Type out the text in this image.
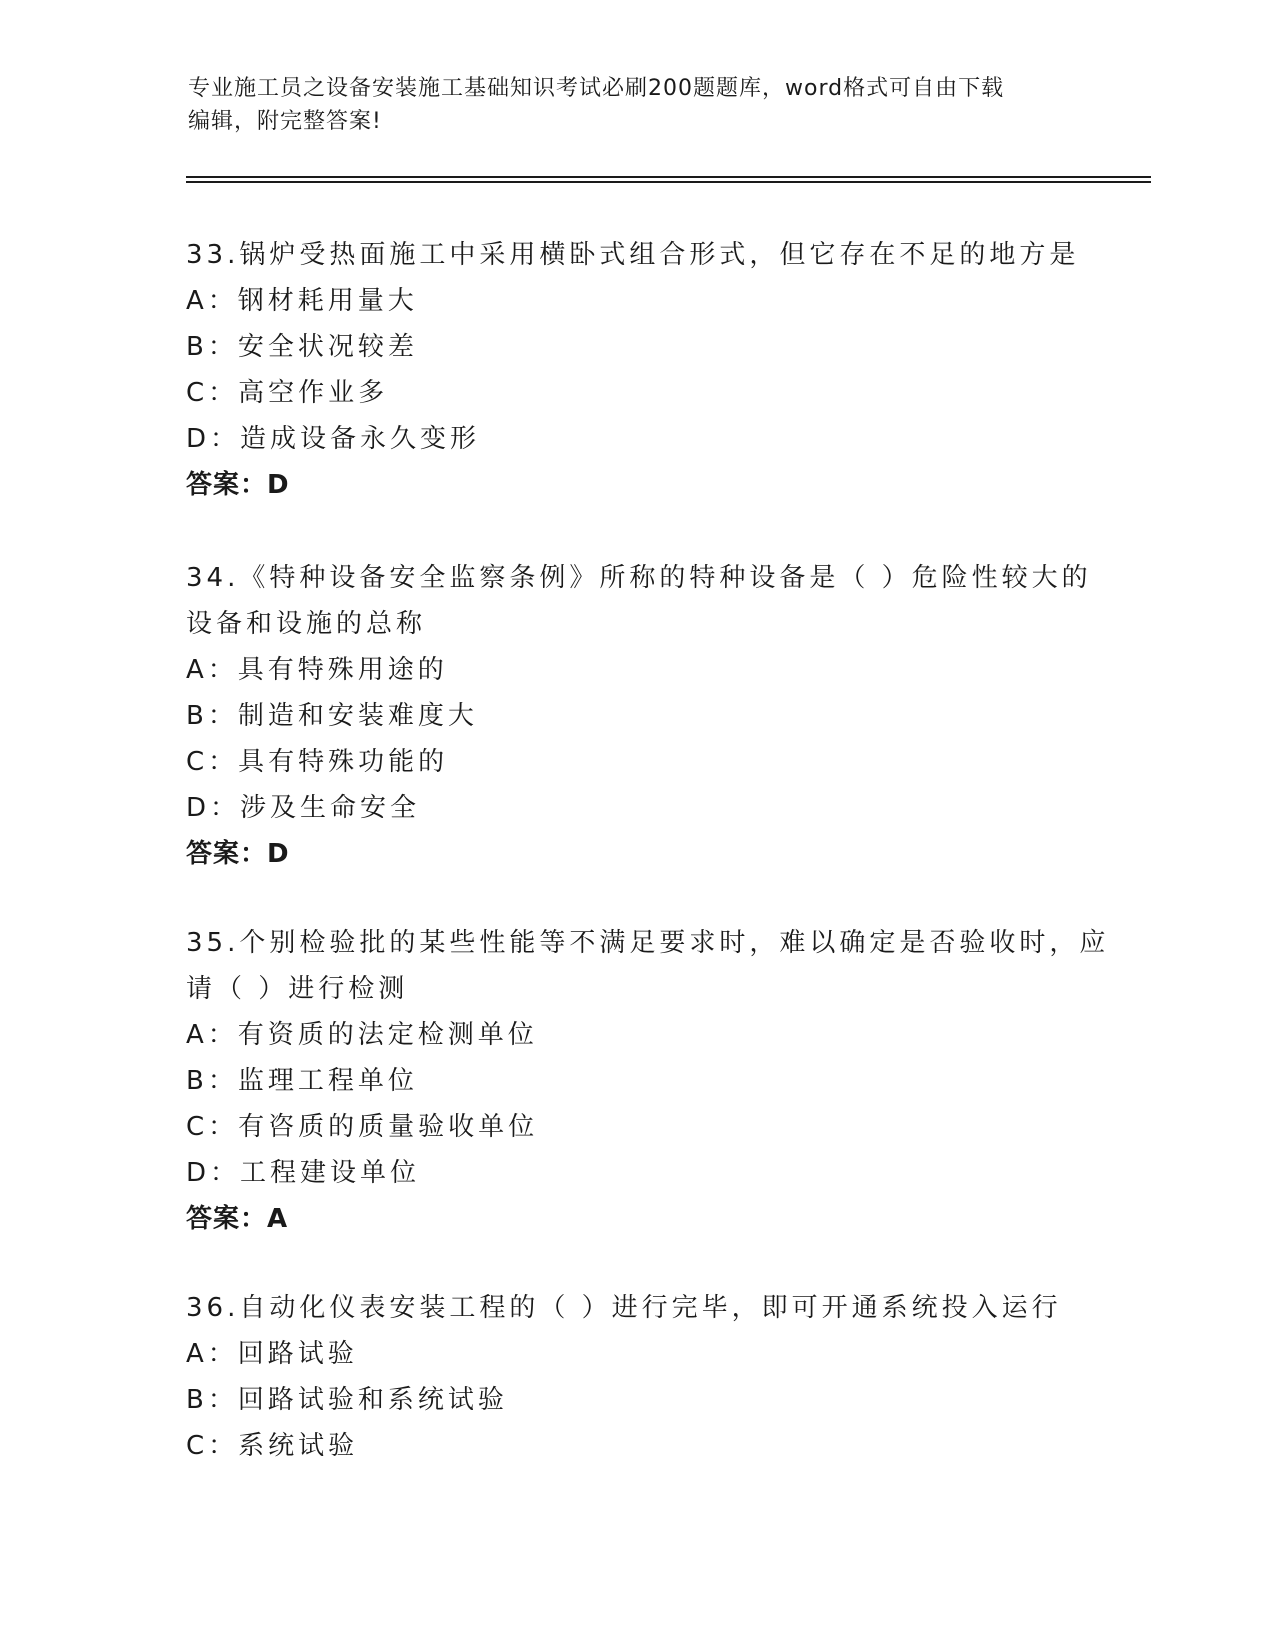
专业施工员之设备安装施工基础知识考试必刷200题题库，word格式可自由下载
编辑，附完整答案!
33.锅炉受热面施工中采用横卧式组合形式，但它存在不足的地方是
A：钢材耗用量大
B：安全状况较差
C：高空作业多
D：造成设备永久变形
答案：D
34.《特种设备安全监察条例》所称的特种设备是（ ）危险性较大的
设备和设施的总称
A：具有特殊用途的
B：制造和安装难度大
C：具有特殊功能的
D：涉及生命安全
答案：D
35.个别检验批的某些性能等不满足要求时，难以确定是否验收时，应
请（ ）进行检测
A：有资质的法定检测单位
B：监理工程单位
C：有咨质的质量验收单位
D：工程建设单位
答案：A
36.自动化仪表安装工程的（ ）进行完毕，即可开通系统投入运行
A：回路试验
B：回路试验和系统试验
C：系统试验
